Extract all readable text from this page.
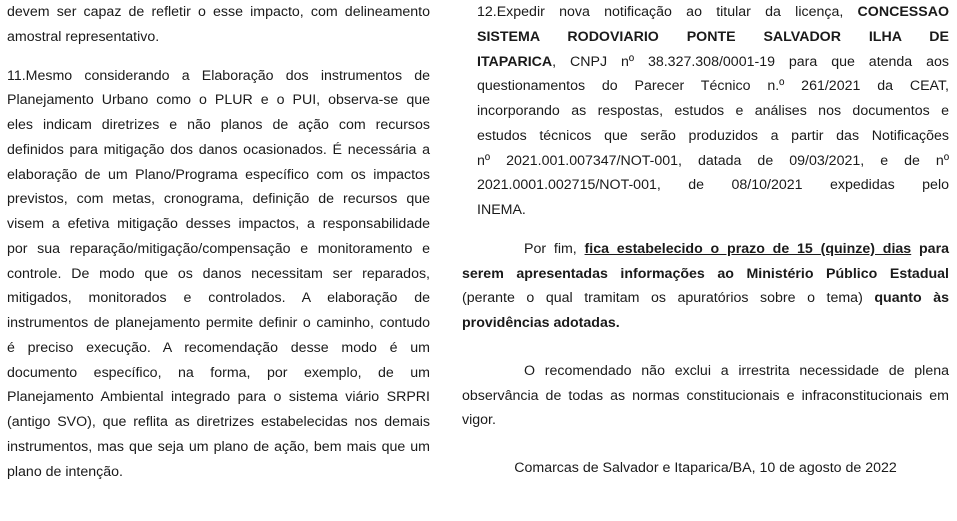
devem ser capaz de refletir o esse impacto, com delineamento
amostral representativo.
11.Mesmo considerando a Elaboração dos instrumentos de
Planejamento Urbano como o PLUR e o PUI, observa-se que
eles indicam diretrizes e não planos de ação com recursos
definidos para mitigação dos danos ocasionados. É necessária a
elaboração de um Plano/Programa específico com os impactos
previstos, com metas, cronograma, definição de recursos que
visem a efetiva mitigação desses impactos, a responsabilidade
por sua reparação/mitigação/compensação e monitoramento e
controle. De modo que os danos necessitam ser reparados,
mitigados, monitorados e controlados. A elaboração de
instrumentos de planejamento permite definir o caminho, contudo
é preciso execução. A recomendação desse modo é um
documento específico, na forma, por exemplo, de um
Planejamento Ambiental integrado para o sistema viário SRPRI
(antigo SVO), que reflita as diretrizes estabelecidas nos demais
instrumentos, mas que seja um plano de ação, bem mais que um
plano de intenção.
12.Expedir nova notificação ao titular da licença, CONCESSAO
SISTEMA RODOVIARIO PONTE SALVADOR ILHA DE
ITAPARICA, CNPJ nº 38.327.308/0001-19 para que atenda aos
questionamentos do Parecer Técnico n.º 261/2021 da CEAT,
incorporando as respostas, estudos e análises nos documentos e
estudos técnicos que serão produzidos a partir das Notificações
nº 2021.001.007347/NOT-001, datada de 09/03/2021, e de nº
2021.0001.002715/NOT-001, de 08/10/2021 expedidas pelo
INEMA.
Por fim, fica estabelecido o prazo de 15 (quinze) dias para
serem apresentadas informações ao Ministério Público Estadual
(perante o qual tramitam os apuratórios sobre o tema) quanto às
providências adotadas.
O recomendado não exclui a irrestrita necessidade de plena
observância de todas as normas constitucionais e infraconstitucionais em
vigor.
Comarcas de Salvador e Itaparica/BA, 10 de agosto de 2022
